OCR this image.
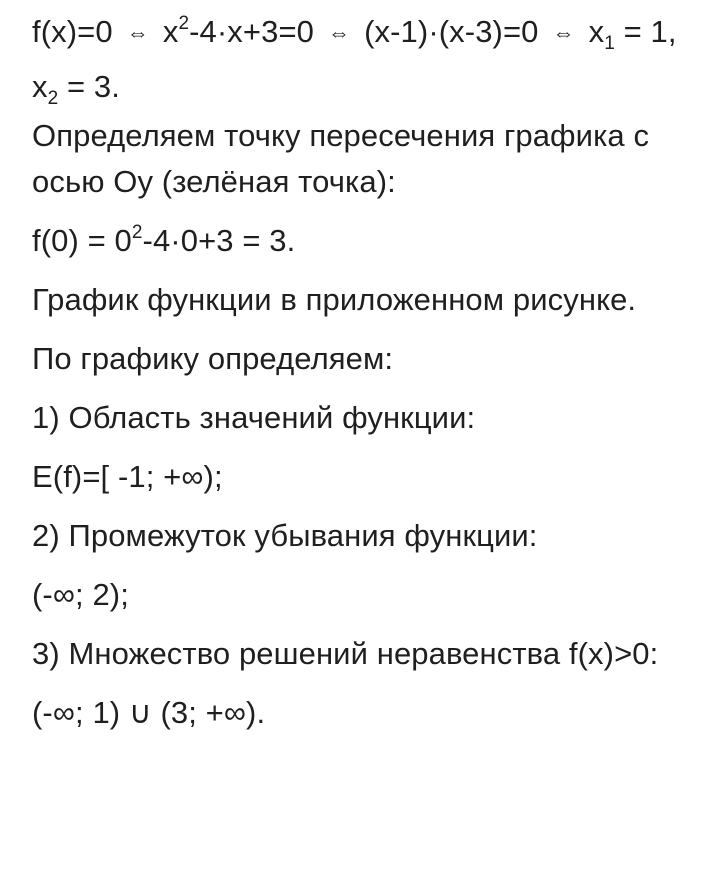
f(x)=0 ⇔ $x^2-4\cdot x+3=0$ ⇔ (x-1)·(x-3)=0 ⇔ $x_1 = 1$, $x_2 = 3$.

Определяем точку пересечения графика с осью Оу (зелёная точка):

$f(0) = 0^2-4\cdot 0+3 = 3$.

График функции в приложенном рисунке.

По графику определяем:

1) Область значений функции:

E(f)=[ -1; +∞);

2) Промежуток убывания функции:

(-∞; 2);

3) Множество решений неравенства f(x)>0:

(-∞; 1) ∪ (3; +∞).
